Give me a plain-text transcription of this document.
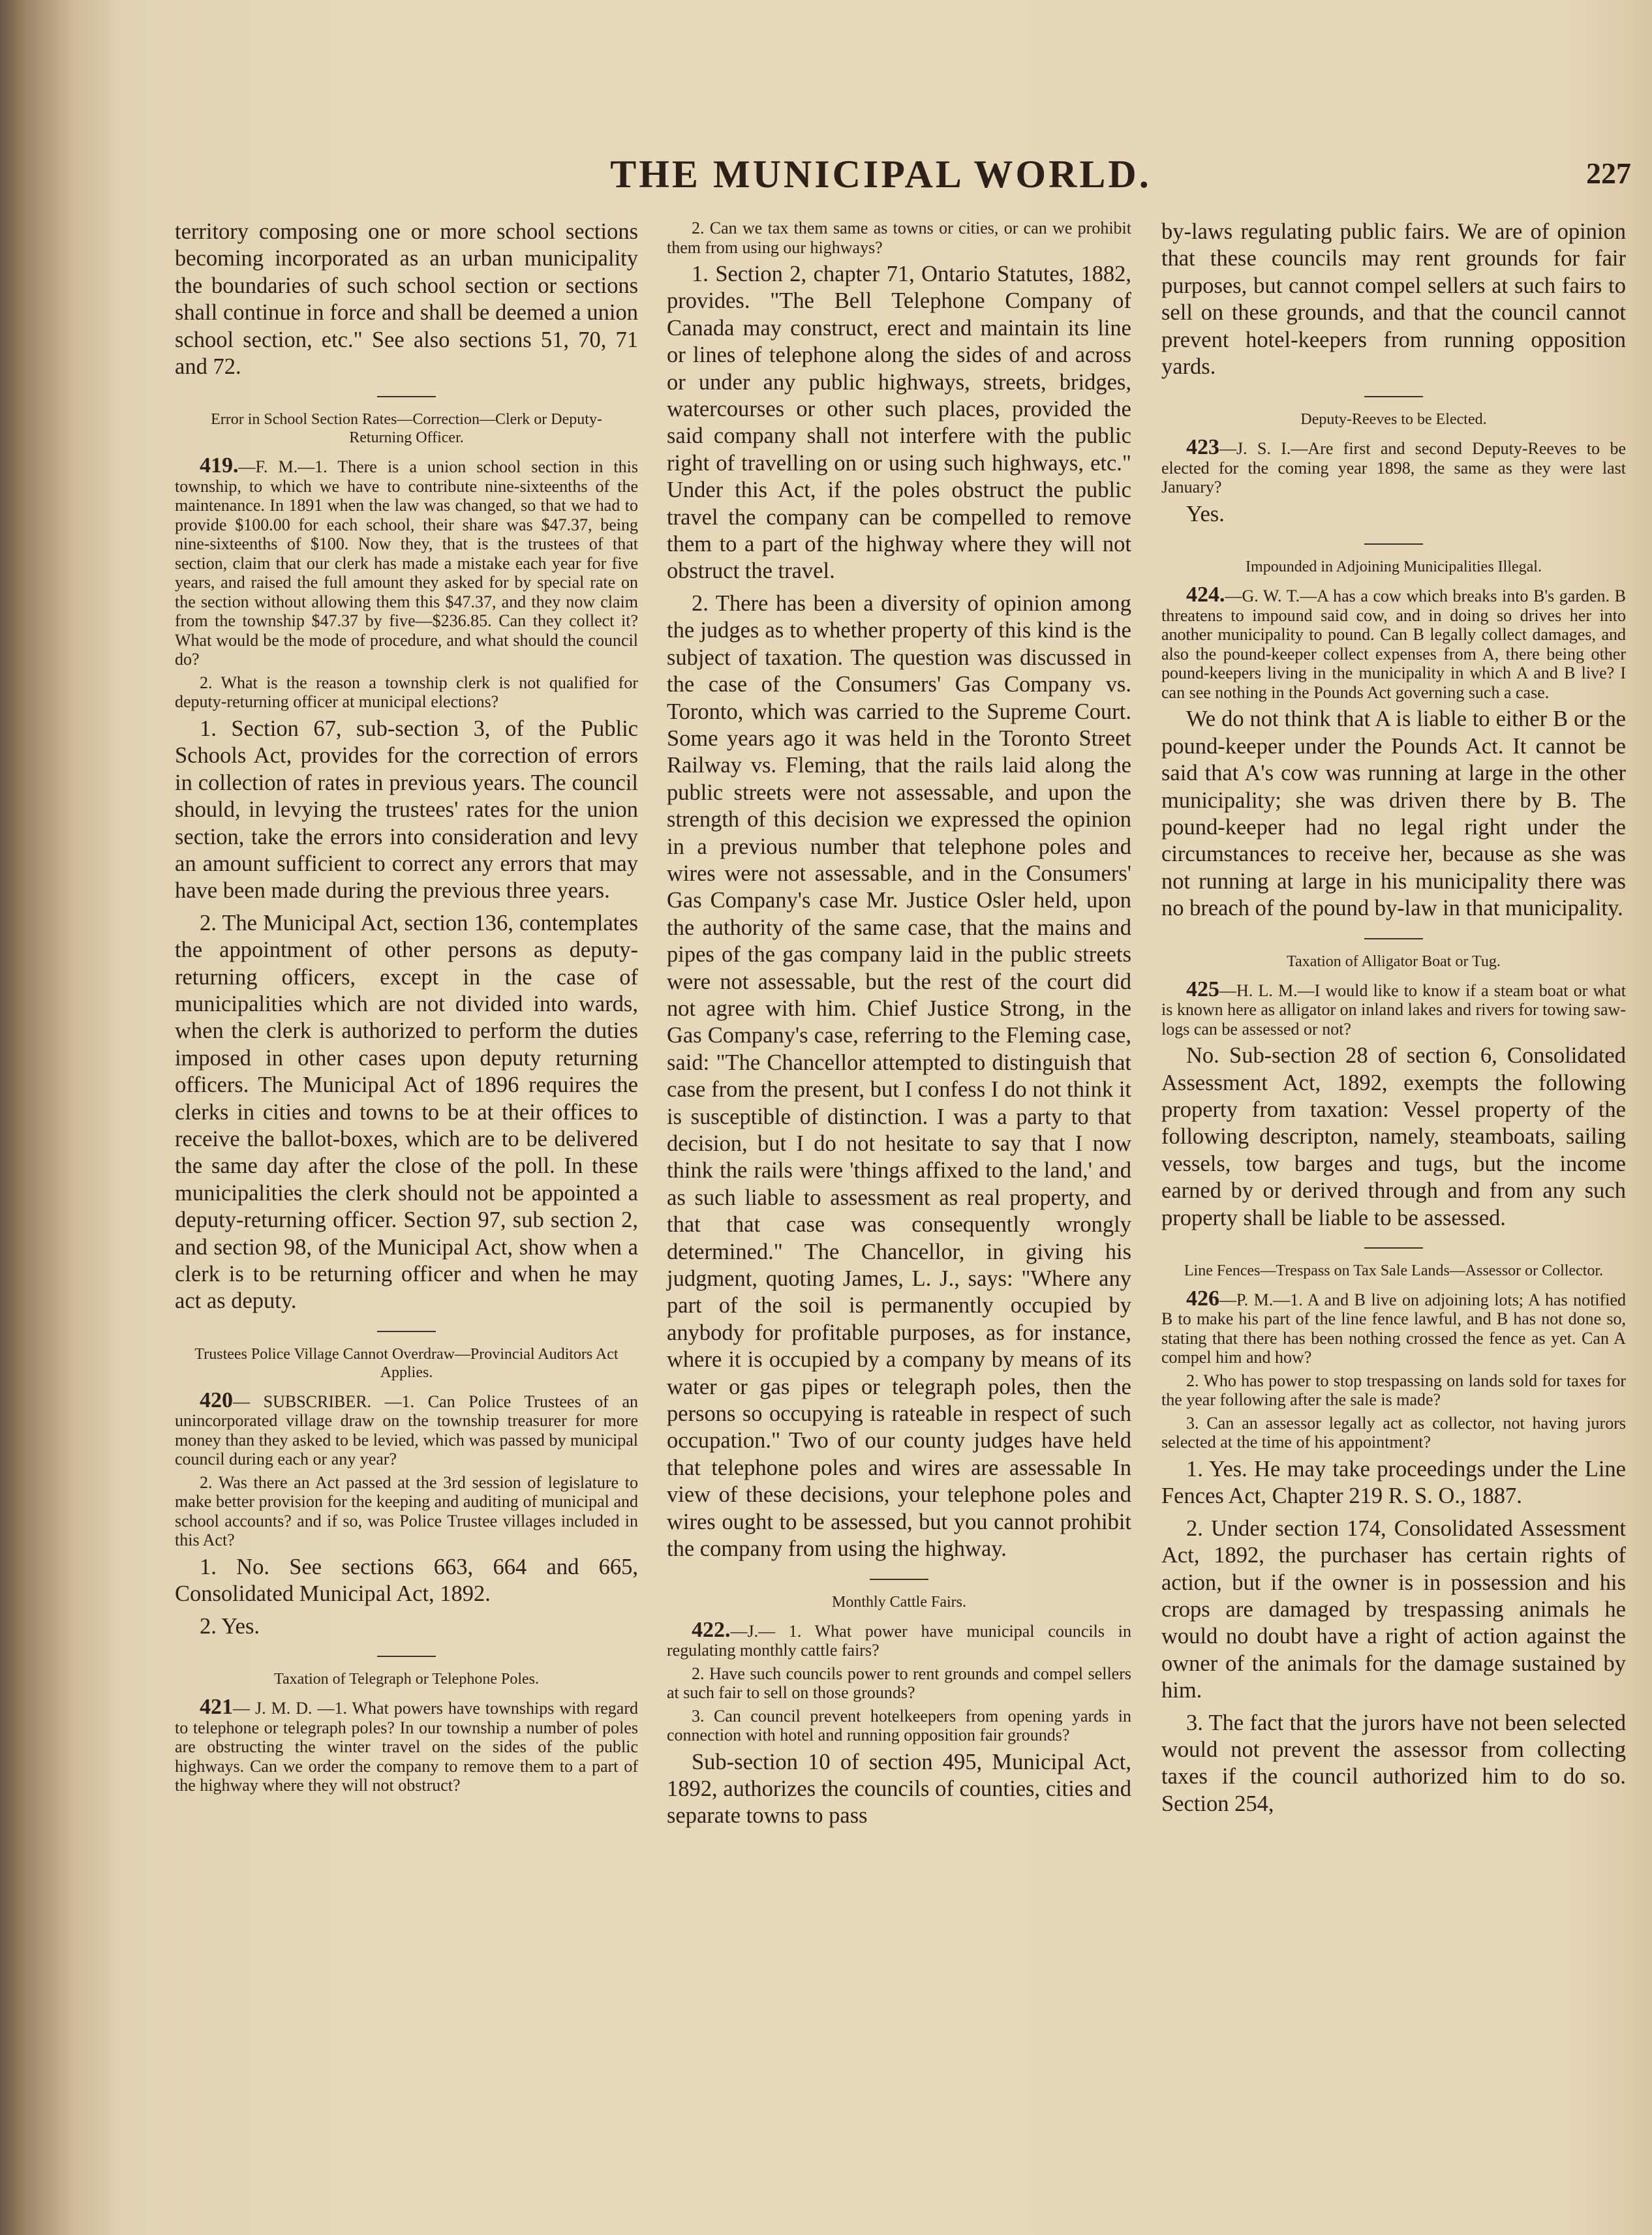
THE MUNICIPAL WORLD.	227

territory composing one or more school sections becoming incorporated as an urban municipality the boundaries of such school section or sections shall continue in force and shall be deemed a union school section, etc." See also sections 51, 70, 71 and 72.

Error in School Section Rates—Correction—Clerk or Deputy-Returning Officer.

419.—F. M.—1. There is a union school section in this township, to which we have to contribute nine-sixteenths of the maintenance. In 1891 when the law was changed, so that we had to provide $100.00 for each school, their share was $47.37, being nine-sixteenths of $100. Now they, that is the trustees of that section, claim that our clerk has made a mistake each year for five years, and raised the full amount they asked for by special rate on the section without allowing them this $47.37, and they now claim from the township $47.37 by five—$236.85. Can they collect it? What would be the mode of procedure, and what should the council do?

2. What is the reason a township clerk is not qualified for deputy-returning officer at municipal elections?

1. Section 67, sub-section 3, of the Public Schools Act, provides for the correction of errors in collection of rates in previous years. The council should, in levying the trustees' rates for the union section, take the errors into consideration and levy an amount sufficient to correct any errors that may have been made during the previous three years.

2. The Municipal Act, section 136, contemplates the appointment of other persons as deputy-returning officers, except in the case of municipalities which are not divided into wards, when the clerk is authorized to perform the duties imposed in other cases upon deputy returning officers. The Municipal Act of 1896 requires the clerks in cities and towns to be at their offices to receive the ballot-boxes, which are to be delivered the same day after the close of the poll. In these municipalities the clerk should not be appointed a deputy-returning officer. Section 97, sub section 2, and section 98, of the Municipal Act, show when a clerk is to be returning officer and when he may act as deputy.

Trustees Police Village Cannot Overdraw—Provincial Auditors Act Applies.

420— SUBSCRIBER. —1. Can Police Trustees of an unincorporated village draw on the township treasurer for more money than they asked to be levied, which was passed by municipal council during each or any year?

2. Was there an Act passed at the 3rd session of legislature to make better provision for the keeping and auditing of municipal and school accounts? and if so, was Police Trustee villages included in this Act?

1. No. See sections 663, 664 and 665, Consolidated Municipal Act, 1892.

2. Yes.

Taxation of Telegraph or Telephone Poles.

421— J. M. D. —1. What powers have townships with regard to telephone or telegraph poles? In our township a number of poles are obstructing the winter travel on the sides of the public highways. Can we order the company to remove them to a part of the highway where they will not obstruct?

2. Can we tax them same as towns or cities, or can we prohibit them from using our highways?

1. Section 2, chapter 71, Ontario Statutes, 1882, provides. "The Bell Telephone Company of Canada may construct, erect and maintain its line or lines of telephone along the sides of and across or under any public highways, streets, bridges, watercourses or other such places, provided the said company shall not interfere with the public right of travelling on or using such highways, etc." Under this Act, if the poles obstruct the public travel the company can be compelled to remove them to a part of the highway where they will not obstruct the travel.

2. There has been a diversity of opinion among the judges as to whether property of this kind is the subject of taxation. The question was discussed in the case of the Consumers' Gas Company vs. Toronto, which was carried to the Supreme Court. Some years ago it was held in the Toronto Street Railway vs. Fleming, that the rails laid along the public streets were not assessable, and upon the strength of this decision we expressed the opinion in a previous number that telephone poles and wires were not assessable, and in the Consumers' Gas Company's case Mr. Justice Osler held, upon the authority of the same case, that the mains and pipes of the gas company laid in the public streets were not assessable, but the rest of the court did not agree with him. Chief Justice Strong, in the Gas Company's case, referring to the Fleming case, said: "The Chancellor attempted to distinguish that case from the present, but I confess I do not think it is susceptible of distinction. I was a party to that decision, but I do not hesitate to say that I now think the rails were 'things affixed to the land,' and as such liable to assessment as real property, and that that case was consequently wrongly determined." The Chancellor, in giving his judgment, quoting James, L. J., says: "Where any part of the soil is permanently occupied by anybody for profitable purposes, as for instance, where it is occupied by a company by means of its water or gas pipes or telegraph poles, then the persons so occupying is rateable in respect of such occupation." Two of our county judges have held that telephone poles and wires are assessable In view of these decisions, your telephone poles and wires ought to be assessed, but you cannot prohibit the company from using the highway.

Monthly Cattle Fairs.

422.—J.— 1. What power have municipal councils in regulating monthly cattle fairs?

2. Have such councils power to rent grounds and compel sellers at such fair to sell on those grounds?

3. Can council prevent hotelkeepers from opening yards in connection with hotel and running opposition fair grounds?

Sub-section 10 of section 495, Municipal Act, 1892, authorizes the councils of counties, cities and separate towns to pass

by-laws regulating public fairs. We are of opinion that these councils may rent grounds for fair purposes, but cannot compel sellers at such fairs to sell on these grounds, and that the council cannot prevent hotel-keepers from running opposition yards.

Deputy-Reeves to be Elected.

423—J. S. I.—Are first and second Deputy-Reeves to be elected for the coming year 1898, the same as they were last January?

Yes.

Impounded in Adjoining Municipalities Illegal.

424.—G. W. T.—A has a cow which breaks into B's garden. B threatens to impound said cow, and in doing so drives her into another municipality to pound. Can B legally collect damages, and also the pound-keeper collect expenses from A, there being other pound-keepers living in the municipality in which A and B live? I can see nothing in the Pounds Act governing such a case.

We do not think that A is liable to either B or the pound-keeper under the Pounds Act. It cannot be said that A's cow was running at large in the other municipality; she was driven there by B. The pound-keeper had no legal right under the circumstances to receive her, because as she was not running at large in his municipality there was no breach of the pound by-law in that municipality.

Taxation of Alligator Boat or Tug.

425—H. L. M.—I would like to know if a steam boat or what is known here as alligator on inland lakes and rivers for towing saw-logs can be assessed or not?

No. Sub-section 28 of section 6, Consolidated Assessment Act, 1892, exempts the following property from taxation: Vessel property of the following descripton, namely, steamboats, sailing vessels, tow barges and tugs, but the income earned by or derived through and from any such property shall be liable to be assessed.

Line Fences—Trespass on Tax Sale Lands—Assessor or Collector.

426—P. M.—1. A and B live on adjoining lots; A has notified B to make his part of the line fence lawful, and B has not done so, stating that there has been nothing crossed the fence as yet. Can A compel him and how?

2. Who has power to stop trespassing on lands sold for taxes for the year following after the sale is made?

3. Can an assessor legally act as collector, not having jurors selected at the time of his appointment?

1. Yes. He may take proceedings under the Line Fences Act, Chapter 219 R. S. O., 1887.

2. Under section 174, Consolidated Assessment Act, 1892, the purchaser has certain rights of action, but if the owner is in possession and his crops are damaged by trespassing animals he would no doubt have a right of action against the owner of the animals for the damage sustained by him.

3. The fact that the jurors have not been selected would not prevent the assessor from collecting taxes if the council authorized him to do so. Section 254,
